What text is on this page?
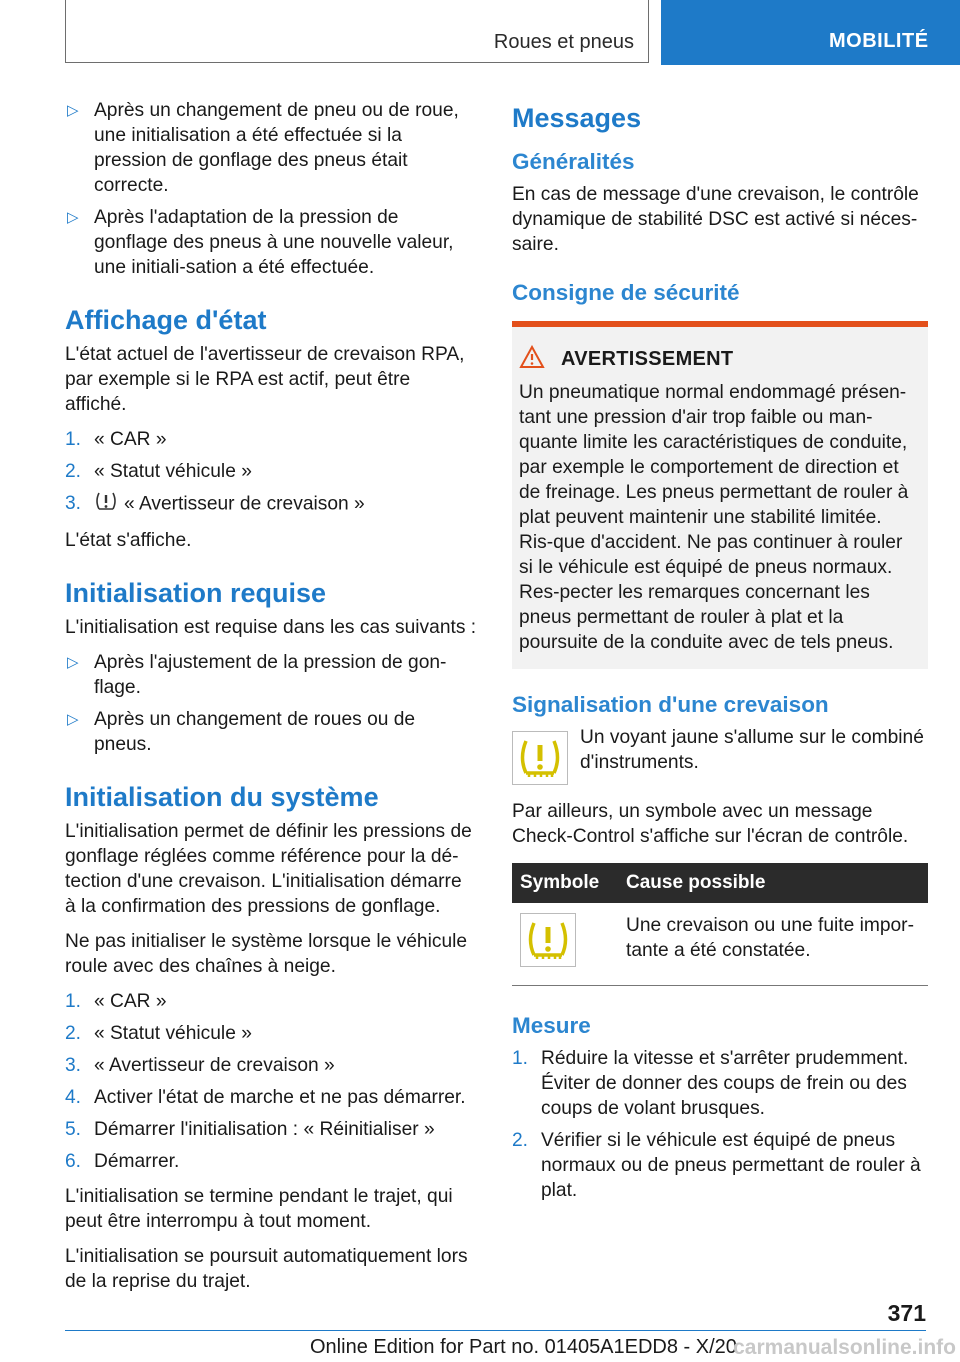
Roues et pneus	MOBILITÉ
▷ Après un changement de pneu ou de roue, une initialisation a été effectuée si la pression de gonflage des pneus était correcte.
▷ Après l'adaptation de la pression de gonflage des pneus à une nouvelle valeur, une initiali‐sation a été effectuée.
Affichage d'état

L'état actuel de l'avertisseur de crevaison RPA, par exemple si le RPA est actif, peut être affiché.

1. « CAR »
2. « Statut véhicule »
3. « Avertisseur de crevaison »

L'état s'affiche.

Initialisation requise

L'initialisation est requise dans les cas suivants :

▷ Après l'ajustement de la pression de gon‐flage.
▷ Après un changement de roues ou de pneus.
Initialisation du système

L'initialisation permet de définir les pressions de gonflage réglées comme référence pour la dé‐tection d'une crevaison. L'initialisation démarre à la confirmation des pressions de gonflage.

Ne pas initialiser le système lorsque le véhicule roule avec des chaînes à neige.

1. « CAR »
2. « Statut véhicule »
3. « Avertisseur de crevaison »
4. Activer l'état de marche et ne pas démarrer.
5. Démarrer l'initialisation : « Réinitialiser »
6. Démarrer.

L'initialisation se termine pendant le trajet, qui peut être interrompu à tout moment.

L'initialisation se poursuit automatiquement lors de la reprise du trajet.

Messages
Généralités

En cas de message d'une crevaison, le contrôle dynamique de stabilité DSC est activé si néces‐saire.

Consigne de sécurité
AVERTISSEMENT

Un pneumatique normal endommagé présen‐tant une pression d'air trop faible ou man‐quante limite les caractéristiques de conduite, par exemple le comportement de direction et de freinage. Les pneus permettant de rouler à plat peuvent maintenir une stabilité limitée. Ris‐que d'accident. Ne pas continuer à rouler si le véhicule est équipé de pneus normaux. Res‐pecter les remarques concernant les pneus permettant de rouler à plat et la poursuite de la conduite avec de tels pneus.

Signalisation d'une crevaison

Un voyant jaune s'allume sur le combiné d'instruments.

Par ailleurs, un symbole avec un message Check-Control s'affiche sur l'écran de contrôle.

Symbole	Cause possible

	Une crevaison ou une fuite impor‐tante a été constatée.
Mesure
1. Réduire la vitesse et s'arrêter prudemment. Éviter de donner des coups de frein ou des coups de volant brusques.
2. Vérifier si le véhicule est équipé de pneus normaux ou de pneus permettant de rouler à plat.
371
Online Edition for Part no. 01405A1EDD8 - X/20
carmanualsonline.info
